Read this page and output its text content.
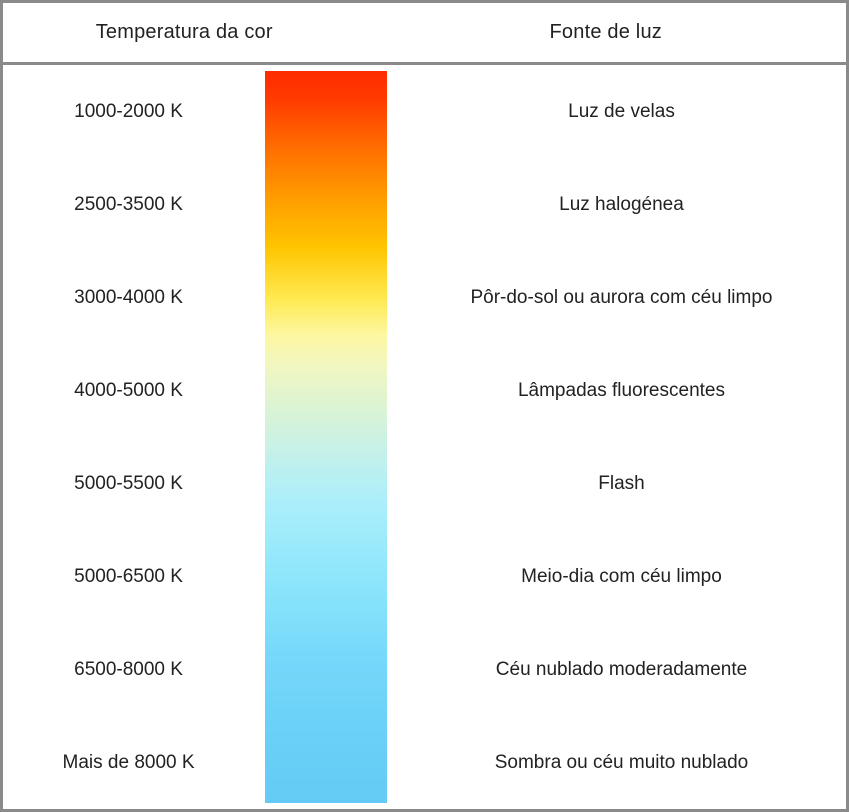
Temperatura da cor	Fonte de luz
1000-2000 K	Luz de velas
2500-3500 K	Luz halogénea
3000-4000 K	Pôr-do-sol ou aurora com céu limpo
4000-5000 K	Lâmpadas fluorescentes
5000-5500 K	Flash
5000-6500 K	Meio-dia com céu limpo
6500-8000 K	Céu nublado moderadamente
Mais de 8000 K	Sombra ou céu muito nublado
